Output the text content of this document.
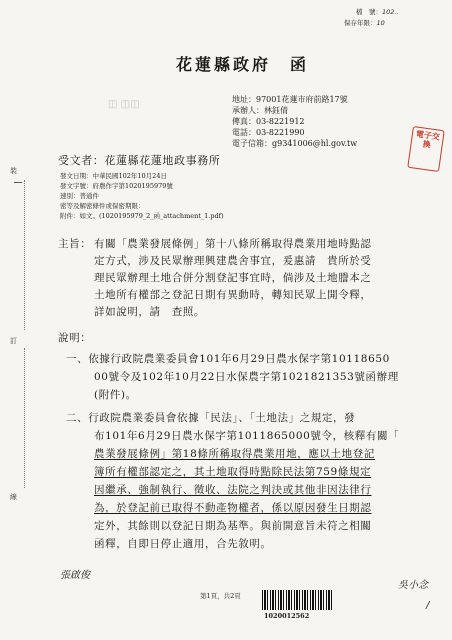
檔　號：102..
保存年限：10
花蓮縣政府　函
地址：97001花蓮市府前路17號
承辦人：林鈺倩
傳真：03-8221912
電話：03-8221990
電子信箱：g9341006@hl.gov.tw
◫ ◫◫
電子交換
受文者：花蓮縣花蓮地政事務所
發文日期：中華民國102年10月24日
發文字號：府農作字第1020195979號
速別：普通件
密等及解密條件或保密期限：
附件：如文。(1020195979_2_函_attachment_1.pdf)
裝
訂
線
主旨： 有關「農業發展條例」第十八條所稱取得農業用地時點認
定方式，涉及民眾辦理興建農舍事宜，爰惠請　貴所於受
理民眾辦理土地合併分割登記事宜時，倘涉及土地謄本之
土地所有權部之登記日期有異動時，轉知民眾上開令釋，
詳如說明，請　查照。
說明：
一、依據行政院農業委員會101年6月29日農水保字第10118650
00號令及102年10月22日水保農字第1021821353號函辦理
(附件)。
二、行政院農業委員會依據「民法」、「土地法」之規定，發
布101年6月29日農水保字第1011865000號令，核釋有關「
農業發展條例」第18條所稱取得農業用地，應以土地登記
簿所有權部認定之，其土地取得時點除民法第759條規定
因繼承、強制執行、徵收、法院之判決或其他非因法律行
為，於登記前已取得不動產物權者，係以原因發生日期認
定外，其餘則以登記日期為基準。與前開意旨未符之相關
函釋，自即日停止適用，合先敘明。
張啟俊
吳小念
第1頁，共2頁
1020012562
/
